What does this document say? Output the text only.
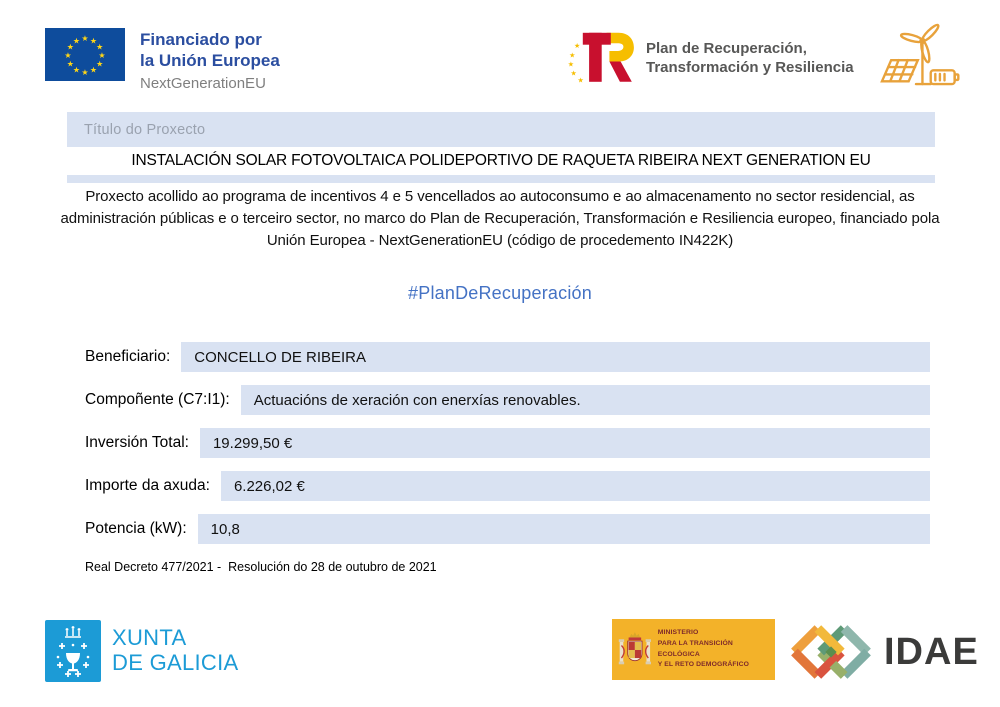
★ ★
★
★
★
★
★
★
★
★
★
★	Financiado por
la Unión Europea
NextGenerationEU
★
★
★
★
★
Plan de Recuperación,
Transformación y Resiliencia
Título do Proxecto
INSTALACIÓN SOLAR FOTOVOLTAICA POLIDEPORTIVO DE RAQUETA RIBEIRA NEXT GENERATION EU
Proxecto acollido ao programa de incentivos 4 e 5 vencellados ao autoconsumo e ao almacenamento no sector residencial, as administración públicas e o terceiro sector, no marco do Plan de Recuperación, Transformación e Resiliencia europeo, financiado pola Unión Europea - NextGenerationEU (código de procedemento IN422K)
#PlanDeRecuperación
Beneficiario:	CONCELLO DE RIBEIRA
Compoñente (C7:I1):	Actuacións de xeración con enerxías renovables.
Inversión Total:	19.299,50 €
Importe da axuda:	6.226,02 €
Potencia (kW):	10,8
Real Decreto 477/2021 -  Resolución do 28 de outubro de 2021
XUNTA
DE GALICIA
MINISTERIO
PARA LA TRANSICIÓN ECOLÓGICA
Y EL RETO DEMOGRÁFICO	IDAE
